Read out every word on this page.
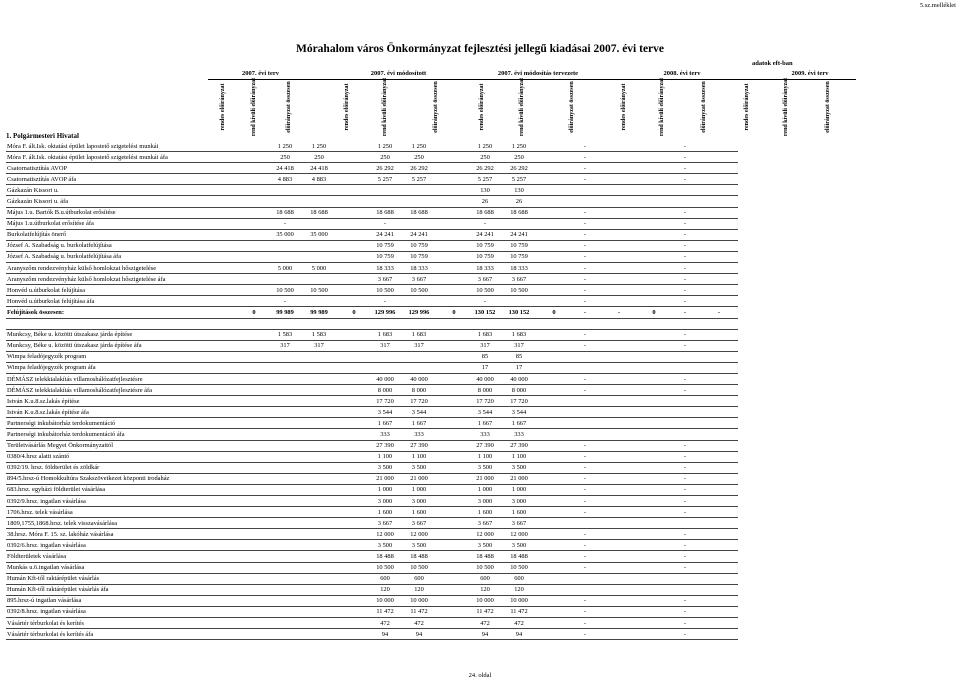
5.sz.melléklet
Mórahalom város Önkormányzat fejlesztési jellegű kiadásai 2007. évi terve
adatok eft-ban
2007. évi terv	2007. évi módosított	2007. évi módosítás tervezete	2008. évi terv	2009. évi terv
rendes előirányzat	rend kívüli előirányzat	előirányzat összesen	rendes előirányzat	rend kívüli előirányzat	előirányzat összesen	rendes előirányzat	rend kívüli előirányzat	előirányzat összesen	rendes előirányzat	rend kívüli előirányzat	előirányzat összesen	rendes előirányzat	rend kívüli előirányzat	előirányzat összesen
1. Polgármesteri Hivatal
Móra F. ált.Isk. oktatási épület lapostető szigetelési munkái		1 250	1 250		1 250	1 250		1 250	1 250		-			-	
Móra F. ált.Isk. oktatási épület lapostető szigetelési munkái áfa		250	250		250	250		250	250		-			-	
Csatornatisztítás AVOP		24 418	24 418		26 292	26 292		26 292	26 292		-			-	
Csatornatisztítás AVOP áfa		4 883	4 883		5 257	5 257		5 257	5 257		-			-	
Gázkazán Kissori u.								130	130						
Gázkazán Kissori u. áfa								26	26						
Május 1.u. Bartók B.u.útburkolat erősítése		18 688	18 688		18 688	18 688		18 688	18 688		-			-	
Május 1.u.útburkolat erősítése áfa		-			-			-			-			-	
Burkolatfelújítás önerő		35 000	35 000		24 241	24 241		24 241	24 241		-			-	
József A. Szabadság u. burkolatfelújítása					10 759	10 759		10 759	10 759		-			-	
József A. Szabadság u. burkolatfelújítása áfa					10 759	10 759		10 759	10 759		-			-	
Aranyszőm rendezvényház külső homlokzat hőszigetelése		5 000	5 000		18 333	18 333		18 333	18 333		-			-	
Aranyszőm rendezvényház külső homlokzat hőszigetelése áfa					3 667	3 667		3 667	3 667		-			-	
Honvéd u.útburkolat felújítása		10 500	10 500		10 500	10 500		10 500	10 500		-			-	
Honvéd u.útburkolat felújítása áfa		-			-			-			-			-	
Felújítások összesen:	0	99 989	99 989	0	129 996	129 996	0	130 152	130 152	0	-	-	0	-	-

Munkcsy, Béke u. közötti útszakasz járda építése		1 583	1 583		1 683	1 683		1 683	1 683		-			-	
Munkcsy, Béke u. közötti útszakasz járda építése áfa		317	317		317	317		317	317		-			-	
Wimpa feladójegyzék program								85	85						
Wimpa feladójegyzék program áfa								17	17						
DÉMÁSZ telekkialakítás villamoshálózatfejlesztésre					40 000	40 000		40 000	40 000		-			-	
DÉMÁSZ telekkialakítás villamoshálózatfejlesztésre áfa					8 000	8 000		8 000	8 000		-			-	
István K.u.8.sz.lakás építése					17 720	17 720		17 720	17 720						
István K.u.8.sz.lakás építése áfa					3 544	3 544		3 544	3 544						
Partnerségi inkubátorház terdokumentáció					1 667	1 667		1 667	1 667						
Partnerségi inkubátorház terdokumentáció áfa					333	333		333	333						
Területvásárlás Megyei Önkormányzattól					27 390	27 390		27 390	27 390		-			-	
0380/4.hrsz alatti szántó					1 100	1 100		1 100	1 100		-			-	
0392/19. hrsz. földterület és zöldkár					3 500	3 500		3 500	3 500		-			-	
894/5.hrsz-ú Homokkultúra Szakszövetkezet központi irodaház					21 000	21 000		21 000	21 000		-			-	
683.hrsz. egyházi földterület vásárlása					1 000	1 000		1 000	1 000		-			-	
0392/9.hrsz. ingatlan vásárlása					3 000	3 000		3 000	3 000		-			-	
1706.hrsz. telek vásárlása					1 600	1 600		1 600	1 600		-			-	
1809,1755,1868.hrsz. telek visszavásárlása					3 667	3 667		3 667	3 667						
38.hrsz. Móra F. 15. sz. lakóház vásárlása					12 000	12 000		12 000	12 000		-			-	
0392/6.hrsz. ingatlan vásárlása					3 500	3 500		3 500	3 500		-			-	
Földterületek vásárlása					18 488	18 488		18 488	18 488		-			-	
Munkás u.6.ingatlan vásárlása					10 500	10 500		10 500	10 500		-			-	
Humán Kft-től raktárépület vásárlás					600	600		600	600						
Humán Kft-től raktárépület vásárlás áfa					120	120		120	120						
895.hrsz-ú ingatlan vásárlása					10 000	10 000		10 000	10 000		-			-	
0392/8.hrsz. ingatlan vásárlása					11 472	11 472		11 472	11 472		-			-	
Vásártér térburkolat és kerítés					472	472		472	472		-			-	
Vásártér térburkolat és kerítés áfa					94	94		94	94		-			-	
24. oldal
